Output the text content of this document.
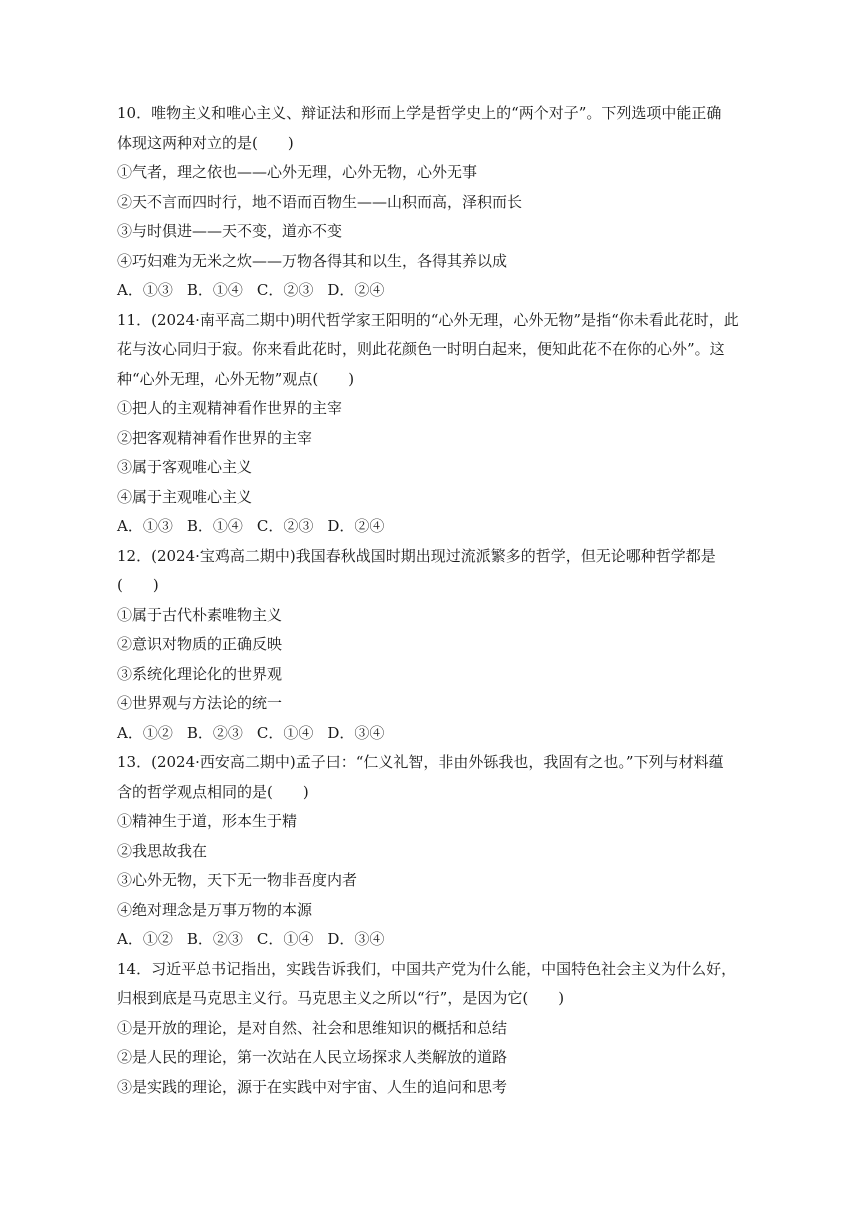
10．唯物主义和唯心主义、辩证法和形而上学是哲学史上的“两个对子”。下列选项中能正确
体现这两种对立的是(　　)
①气者，理之依也——心外无理，心外无物，心外无事
②天不言而四时行，地不语而百物生——山积而高，泽积而长
③与时俱进——天不变，道亦不变
④巧妇难为无米之炊——万物各得其和以生，各得其养以成
A．①③ B．①④ C．②③ D．②④
11．(2024·南平高二期中)明代哲学家王阳明的“心外无理，心外无物”是指“你未看此花时，此
花与汝心同归于寂。你来看此花时，则此花颜色一时明白起来，便知此花不在你的心外”。这
种“心外无理，心外无物”观点(　　)
①把人的主观精神看作世界的主宰
②把客观精神看作世界的主宰
③属于客观唯心主义
④属于主观唯心主义
A．①③ B．①④ C．②③ D．②④
12．(2024·宝鸡高二期中)我国春秋战国时期出现过流派繁多的哲学，但无论哪种哲学都是
(　　)
①属于古代朴素唯物主义
②意识对物质的正确反映
③系统化理论化的世界观
④世界观与方法论的统一
A．①② B．②③ C．①④ D．③④
13．(2024·西安高二期中)孟子曰：“仁义礼智，非由外铄我也，我固有之也。”下列与材料蕴
含的哲学观点相同的是(　　)
①精神生于道，形本生于精
②我思故我在
③心外无物，天下无一物非吾度内者
④绝对理念是万事万物的本源
A．①② B．②③ C．①④ D．③④
14．习近平总书记指出，实践告诉我们，中国共产党为什么能，中国特色社会主义为什么好，
归根到底是马克思主义行。马克思主义之所以“行”，是因为它(　　)
①是开放的理论，是对自然、社会和思维知识的概括和总结
②是人民的理论，第一次站在人民立场探求人类解放的道路
③是实践的理论，源于在实践中对宇宙、人生的追问和思考
